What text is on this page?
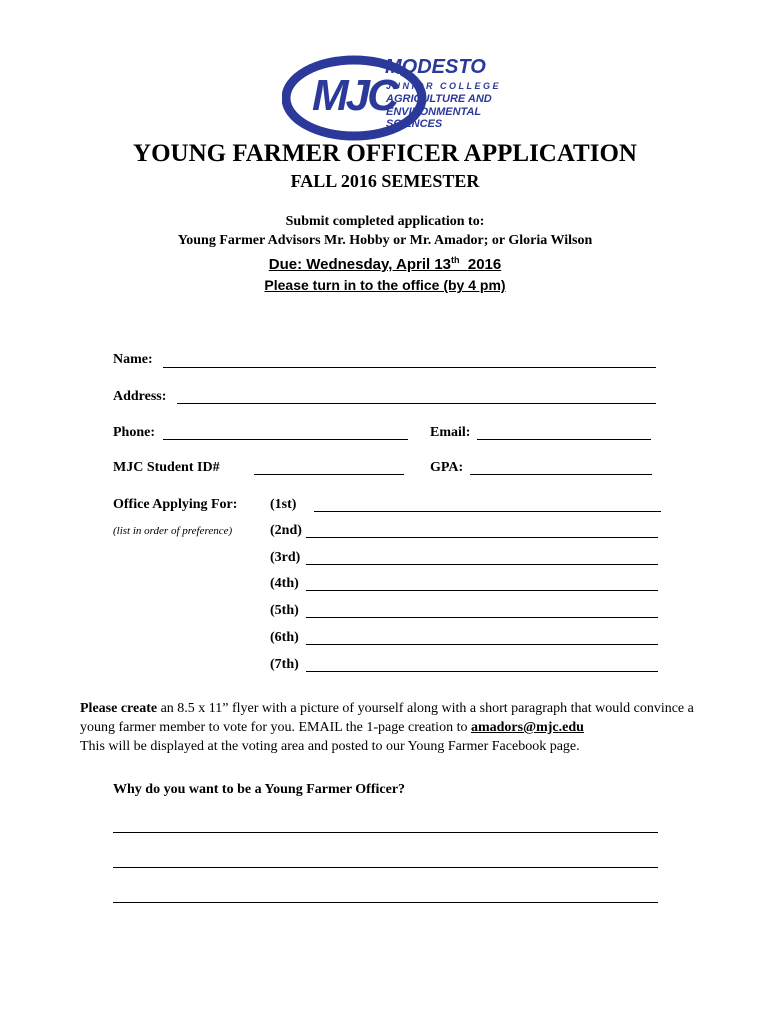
MJC
MODESTO
JUNIOR COLLEGE
AGRICULTURE AND
ENVIRONMENTAL SCIENCES
YOUNG FARMER OFFICER APPLICATION
FALL 2016 SEMESTER
Submit completed application to:
Young Farmer Advisors Mr. Hobby or Mr. Amador; or Gloria Wilson
Due: Wednesday, April 13th 2016
Please turn in to the office (by 4 pm)
Name:
Address:
Phone:	Email:
MJC Student ID#	GPA:
Office Applying For:
(list in order of preference)
(1st)
(2nd)
(3rd)
(4th)
(5th)
(6th)
(7th)
Please create an 8.5 x 11” flyer with a picture of yourself along with a short paragraph that would convince a young farmer member to vote for you. EMAIL the 1-page creation to amadors@mjc.edu
This will be displayed at the voting area and posted to our Young Farmer Facebook page.
Why do you want to be a Young Farmer Officer?
